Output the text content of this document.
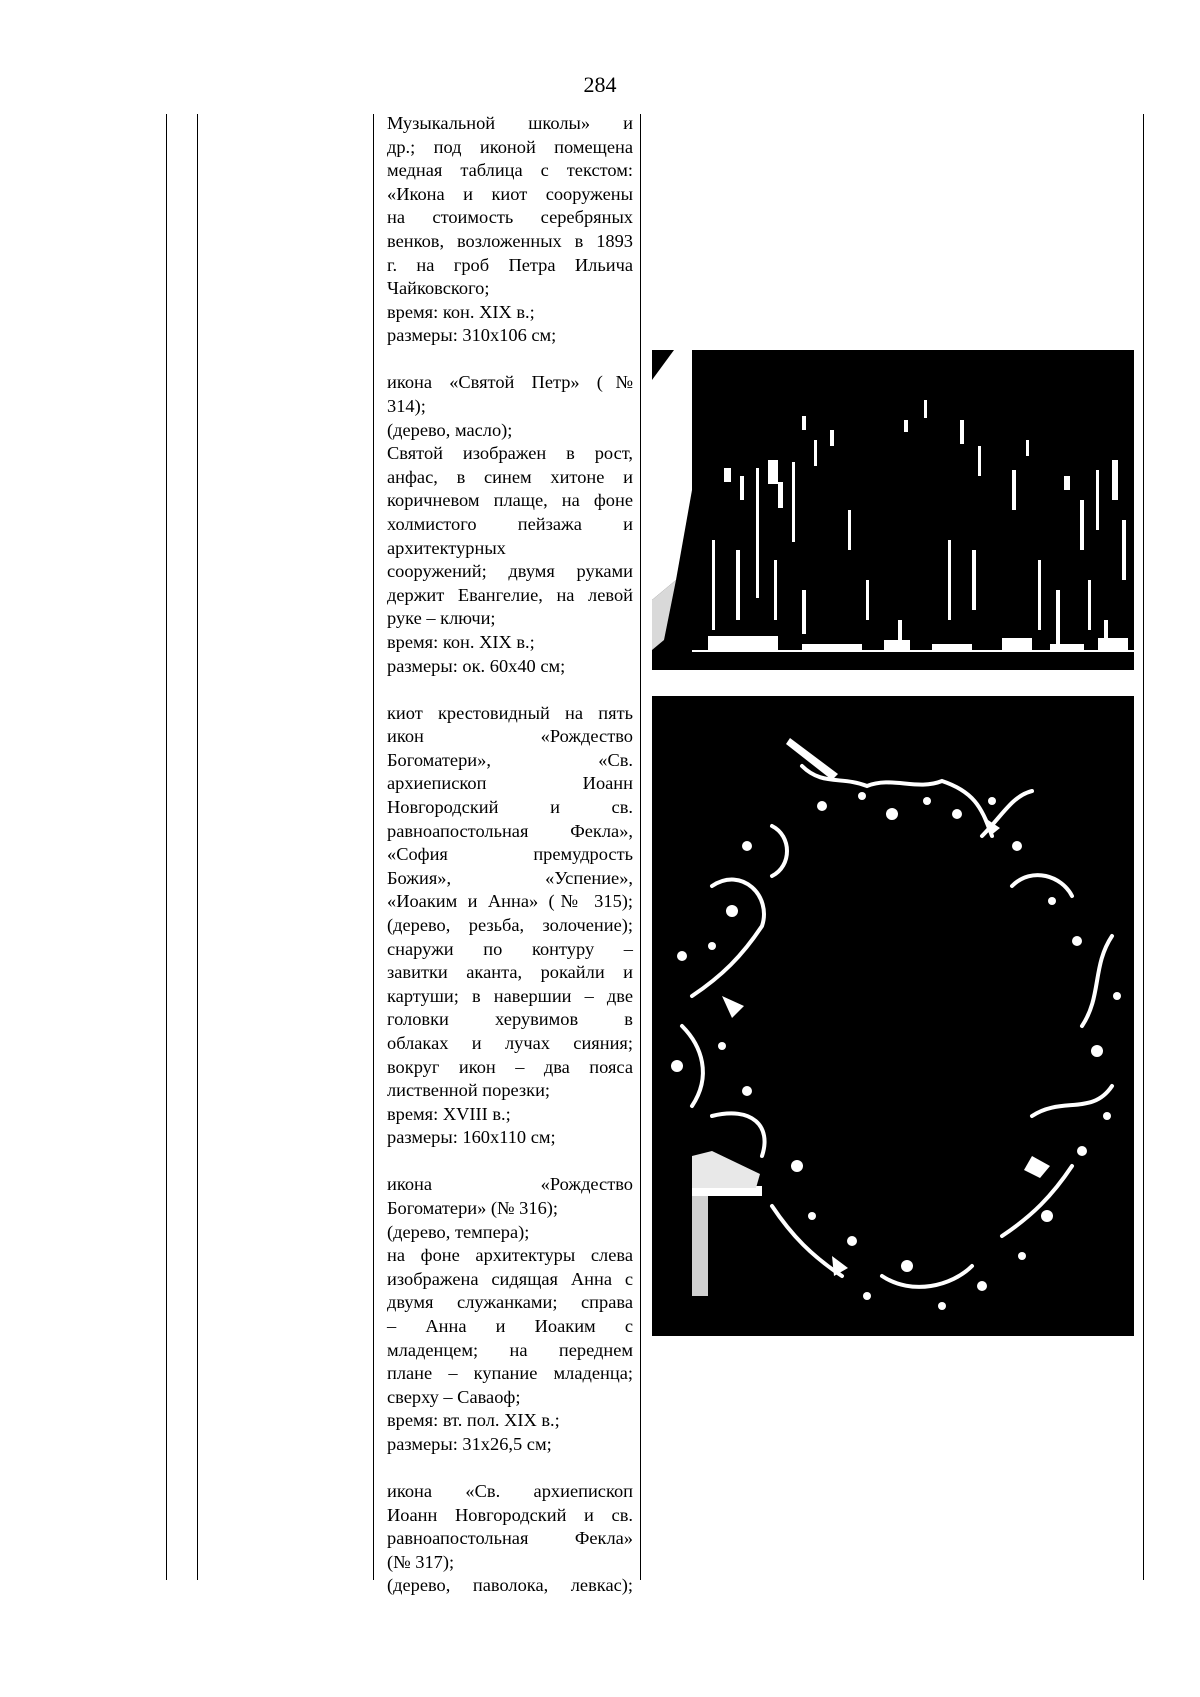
284
Музыкальной школы» и
др.; под иконой помещена
медная таблица с текстом:
«Икона и киот сооружены
на стоимость серебряных
венков, возложенных в 1893
г. на гроб Петра Ильича
Чайковского;
время: кон. XIX в.;
размеры: 310х106 см;
икона «Святой Петр» (№
314);
(дерево, масло);
Святой изображен в рост,
анфас, в синем хитоне и
коричневом плаще, на фоне
холмистого пейзажа и
архитектурных
сооружений; двумя руками
держит Евангелие, на левой
руке – ключи;
время: кон. XIX в.;
размеры: ок. 60х40 см;
киот крестовидный на пять
икон «Рождество
Богоматери», «Св.
архиепископ Иоанн
Новгородский и св.
равноапостольная Фекла»,
«София премудрость
Божия», «Успение»,
«Иоаким и Анна» (№ 315);
(дерево, резьба, золочение);
снаружи по контуру –
завитки аканта, рокайли и
картуши; в навершии – две
головки херувимов в
облаках и лучах сияния;
вокруг икон – два пояса
лиственной порезки;
время: XVIII в.;
размеры: 160х110 см;
икона «Рождество
Богоматери» (№ 316);
(дерево, темпера);
на фоне архитектуры слева
изображена сидящая Анна с
двумя служанками; справа
– Анна и Иоаким с
младенцем; на переднем
плане – купание младенца;
сверху – Саваоф;
время: вт. пол. XIX в.;
размеры: 31х26,5 см;
икона «Св. архиепископ
Иоанн Новгородский и св.
равноапостольная Фекла»
(№ 317);
(дерево, паволока, левкас);
